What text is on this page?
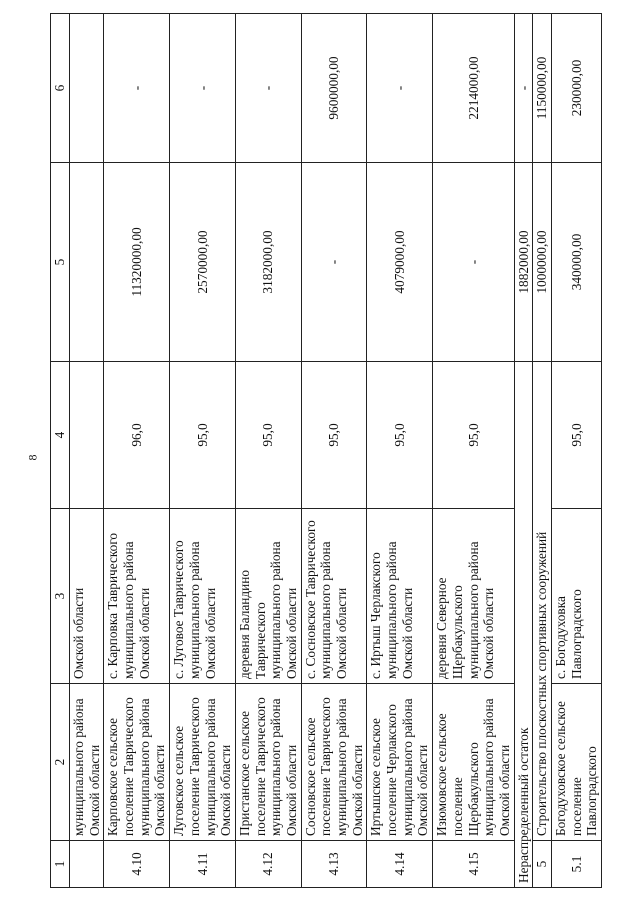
8
1	2	3	4	5	6
	муниципального района Омской области	Омской области			
4.10	Карповское сельское поселение Таврического муниципального района Омской области	с. Карповка Таврического муниципального района Омской области	96,0	11320000,00	-
4.11	Луговское сельское поселение Таврического муниципального района Омской области	с. Луговое Таврического муниципального района Омской области	95,0	2570000,00	-
4.12	Пристанское сельское поселение Таврического муниципального района Омской области	деревня Баландино Таврического муниципального района Омской области	95,0	3182000,00	-
4.13	Сосновское сельское поселение Таврического муниципального района Омской области	с. Сосновское Таврического муниципального района Омской области	95,0	-	9600000,00
4.14	Иртышское сельское поселение Черлакского муниципального района Омской области	с. Иртыш Черлакского муниципального района Омской области	95,0	4079000,00	-
4.15	Изюмовское сельское поселение Щербакульского муниципального района Омской области	деревня Северное Щербакульского муниципального района Омской области	95,0	-	2214000,00
Нераспределенный остаток				1882000,00	-
5	Строительство плоскостных спортивных сооружений			1000000,00	1150000,00
5.1	Богодуховское сельское поселение Павлоградского	с. Богодуховка Павлоградского	95,0	340000,00	230000,00
